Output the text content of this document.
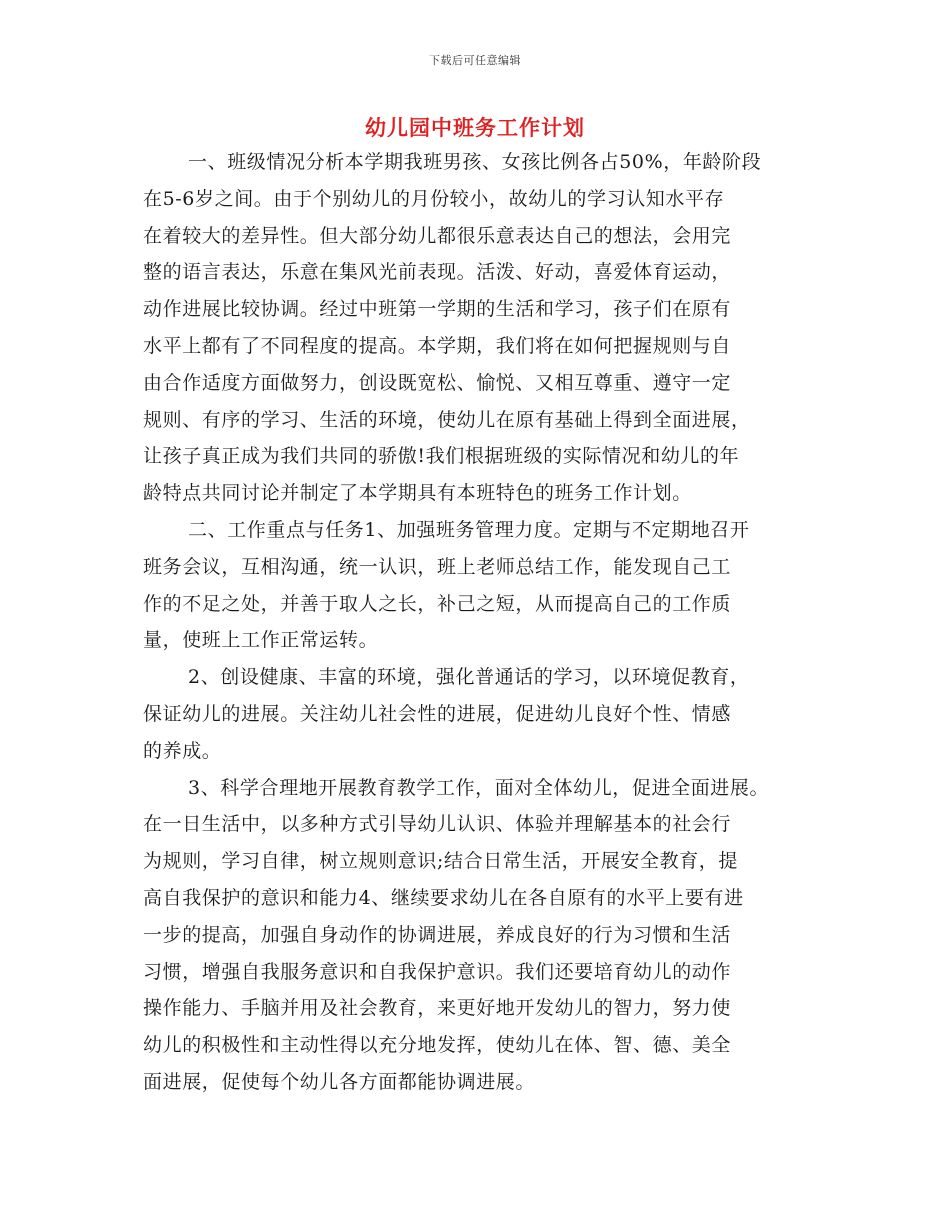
下载后可任意编辑
幼儿园中班务工作计划
一、班级情况分析本学期我班男孩、女孩比例各占50%，年龄阶段
在5-6岁之间。由于个别幼儿的月份较小，故幼儿的学习认知水平存
在着较大的差异性。但大部分幼儿都很乐意表达自己的想法，会用完
整的语言表达，乐意在集风光前表现。活泼、好动，喜爱体育运动，
动作进展比较协调。经过中班第一学期的生活和学习，孩子们在原有
水平上都有了不同程度的提高。本学期，我们将在如何把握规则与自
由合作适度方面做努力，创设既宽松、愉悦、又相互尊重、遵守一定
规则、有序的学习、生活的环境，使幼儿在原有基础上得到全面进展，
让孩子真正成为我们共同的骄傲!我们根据班级的实际情况和幼儿的年
龄特点共同讨论并制定了本学期具有本班特色的班务工作计划。
二、工作重点与任务1、加强班务管理力度。定期与不定期地召开
班务会议，互相沟通，统一认识，班上老师总结工作，能发现自己工
作的不足之处，并善于取人之长，补己之短，从而提高自己的工作质
量，使班上工作正常运转。
2、创设健康、丰富的环境，强化普通话的学习，以环境促教育，
保证幼儿的进展。关注幼儿社会性的进展，促进幼儿良好个性、情感
的养成。
3、科学合理地开展教育教学工作，面对全体幼儿，促进全面进展。
在一日生活中，以多种方式引导幼儿认识、体验并理解基本的社会行
为规则，学习自律，树立规则意识;结合日常生活，开展安全教育，提
高自我保护的意识和能力4、继续要求幼儿在各自原有的水平上要有进
一步的提高，加强自身动作的协调进展，养成良好的行为习惯和生活
习惯，增强自我服务意识和自我保护意识。我们还要培育幼儿的动作
操作能力、手脑并用及社会教育，来更好地开发幼儿的智力，努力使
幼儿的积极性和主动性得以充分地发挥，使幼儿在体、智、德、美全
面进展，促使每个幼儿各方面都能协调进展。
